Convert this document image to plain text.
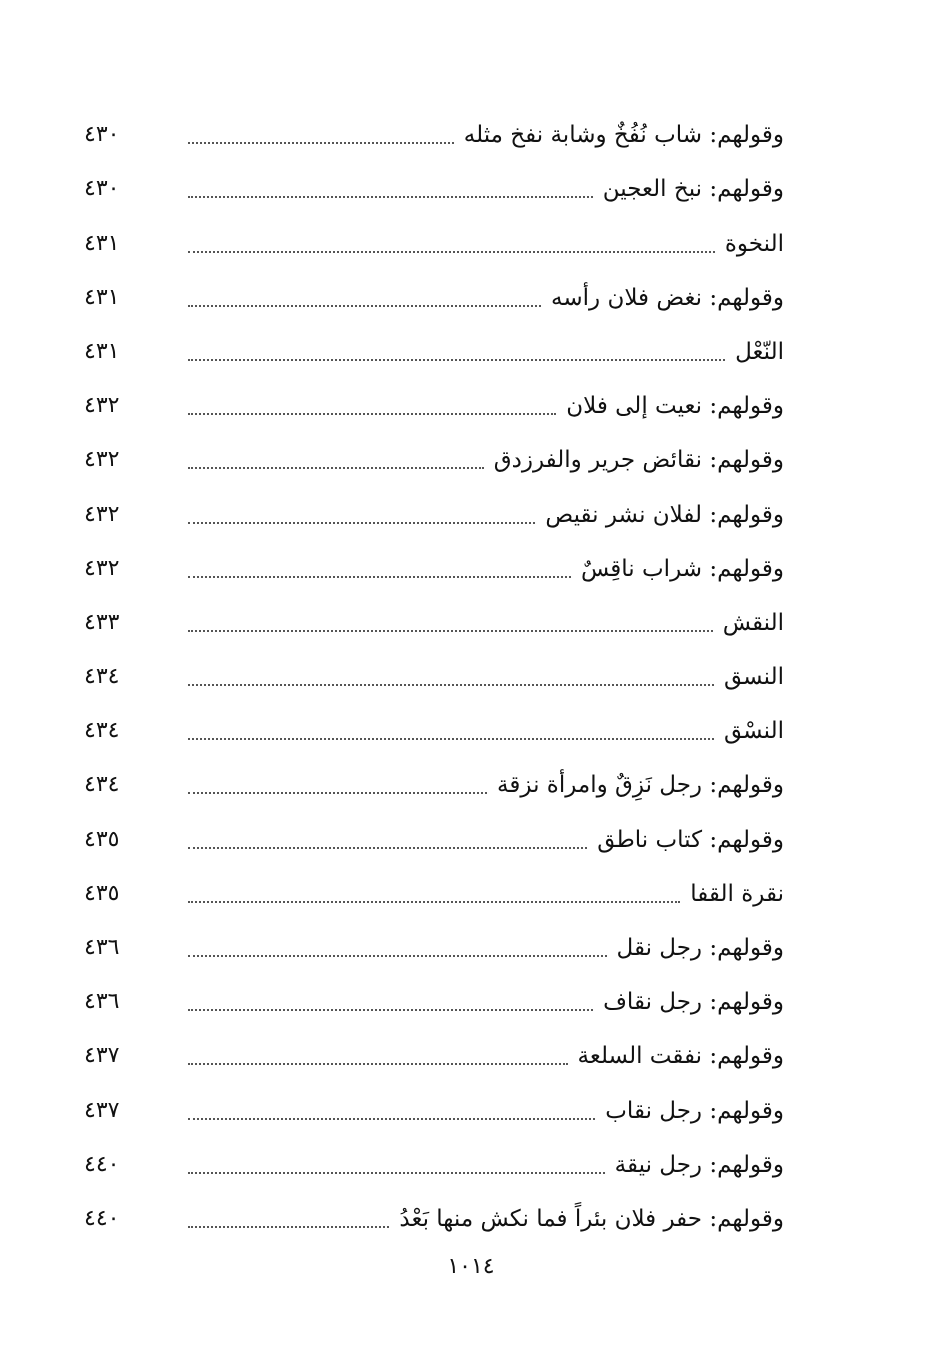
وقولهم: شاب نُفُخٌ وشابة نفخ مثله
٤٣٠
وقولهم: نبخ العجين
٤٣٠
النخوة
٤٣١
وقولهم: نغض فلان رأسه
٤٣١
النّعْل
٤٣١
وقولهم: نعيت إلى فلان
٤٣٢
وقولهم: نقائض جرير والفرزدق
٤٣٢
وقولهم: لفلان نشر نقيص
٤٣٢
وقولهم: شراب ناقِسٌ
٤٣٢
النقش
٤٣٣
النسق
٤٣٤
النسْق
٤٣٤
وقولهم: رجل نَزِقٌ وامرأة نزقة
٤٣٤
وقولهم: كتاب ناطق
٤٣٥
نقرة القفا
٤٣٥
وقولهم: رجل نقل
٤٣٦
وقولهم: رجل نقاف
٤٣٦
وقولهم: نفقت السلعة
٤٣٧
وقولهم: رجل نقاب
٤٣٧
وقولهم: رجل نيقة
٤٤٠
وقولهم: حفر فلان بئراً فما نكش منها بَعْدُ
٤٤٠
١٠١٤
